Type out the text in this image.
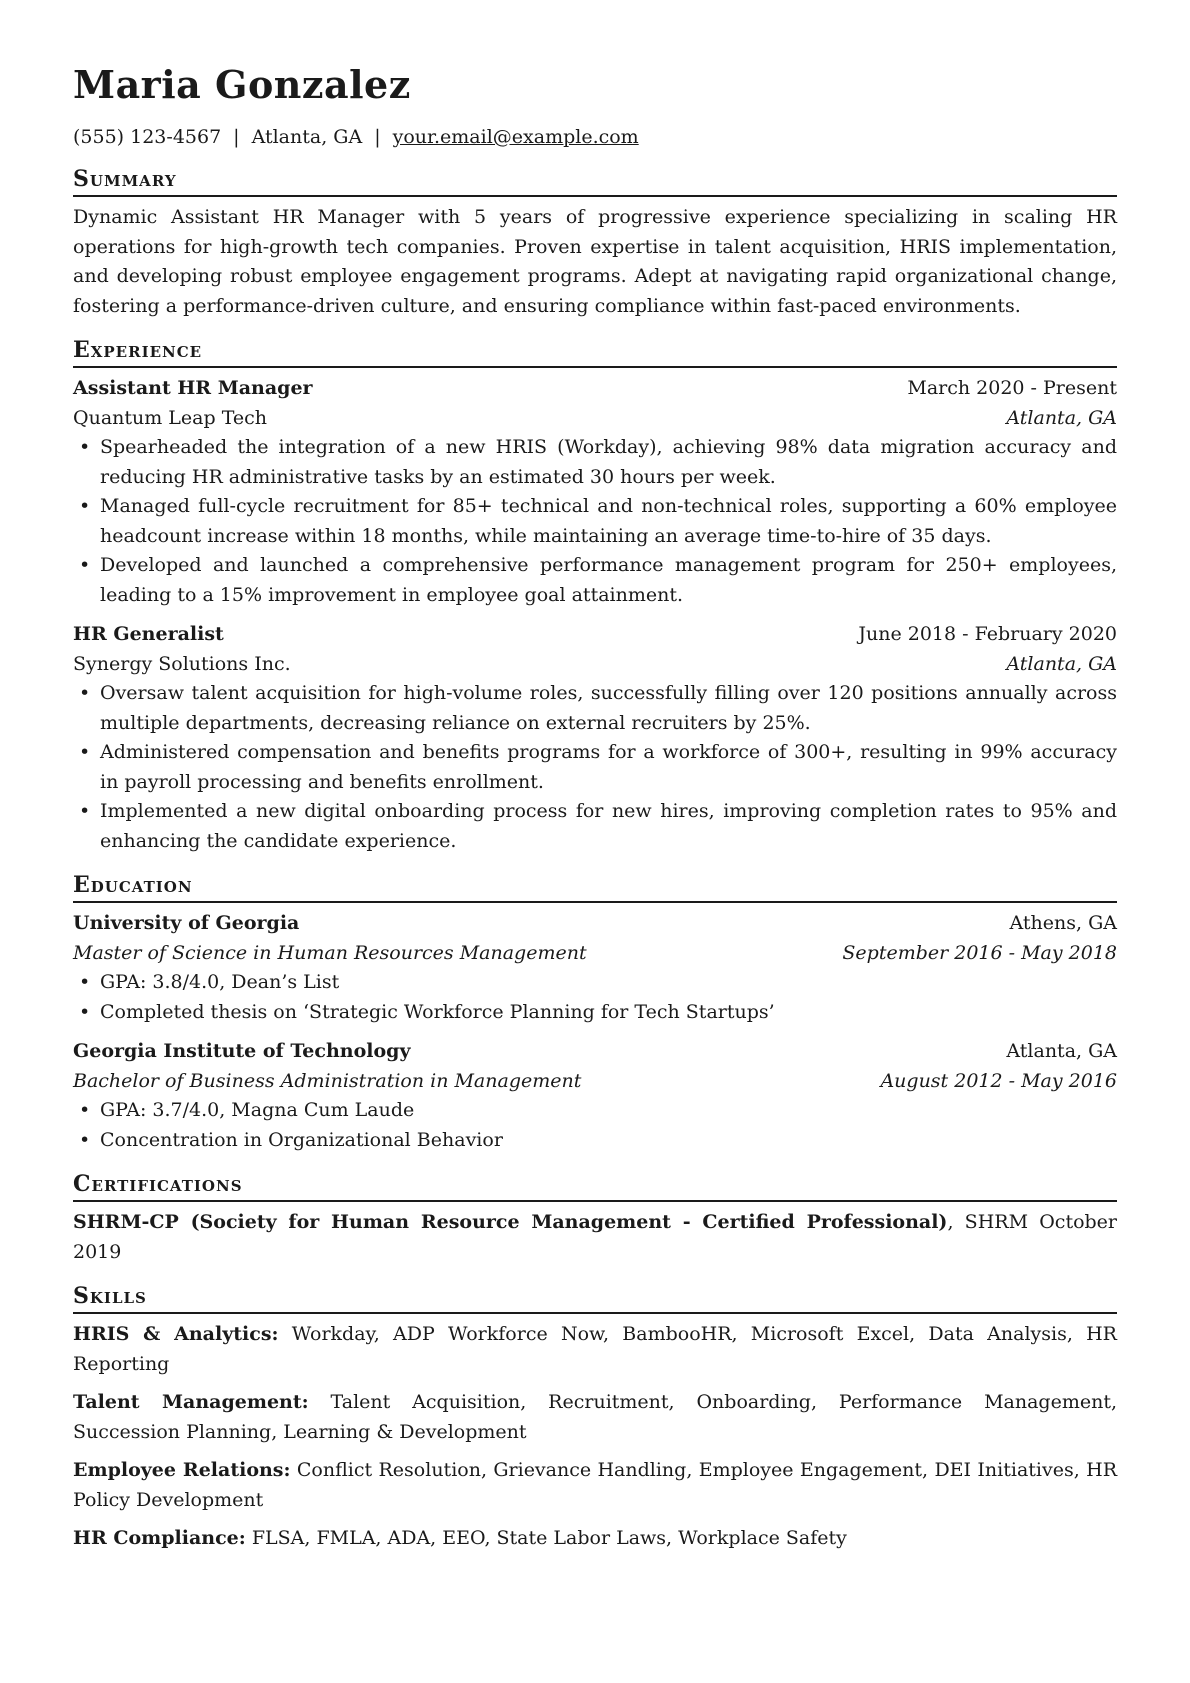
Maria Gonzalez
(555) 123-4567 | Atlanta, GA | your.email@example.com
Summary

Dynamic Assistant HR Manager with 5 years of progressive experience specializing in scaling HR operations for high-growth tech companies. Proven expertise in talent acquisition, HRIS implementation, and developing robust employee engagement programs. Adept at navigating rapid organizational change, fostering a performance-driven culture, and ensuring compliance within fast-paced environments.

Experience
Assistant HR Manager	March 2020 - Present
Quantum Leap Tech	Atlanta, GA
• Spearheaded the integration of a new HRIS (Workday), achieving 98% data migration accuracy and reducing HR administrative tasks by an estimated 30 hours per week.
• Managed full-cycle recruitment for 85+ technical and non-technical roles, supporting a 60% employee headcount increase within 18 months, while maintaining an average time-to-hire of 35 days.
• Developed and launched a comprehensive performance management program for 250+ employees, leading to a 15% improvement in employee goal attainment.
HR Generalist	June 2018 - February 2020
Synergy Solutions Inc.	Atlanta, GA
• Oversaw talent acquisition for high-volume roles, successfully filling over 120 positions annually across multiple departments, decreasing reliance on external recruiters by 25%.
• Administered compensation and benefits programs for a workforce of 300+, resulting in 99% accuracy in payroll processing and benefits enrollment.
• Implemented a new digital onboarding process for new hires, improving completion rates to 95% and enhancing the candidate experience.
Education
University of Georgia	Athens, GA
Master of Science in Human Resources Management	September 2016 - May 2018
• GPA: 3.8/4.0, Dean’s List
• Completed thesis on ‘Strategic Workforce Planning for Tech Startups’
Georgia Institute of Technology	Atlanta, GA
Bachelor of Business Administration in Management	August 2012 - May 2016
• GPA: 3.7/4.0, Magna Cum Laude
• Concentration in Organizational Behavior
Certifications
SHRM-CP (Society for Human Resource Management - Certified Professional), SHRM October 2019
Skills
HRIS & Analytics: Workday, ADP Workforce Now, BambooHR, Microsoft Excel, Data Analysis, HR Reporting
Talent Management: Talent Acquisition, Recruitment, Onboarding, Performance Management, Succession Planning, Learning & Development
Employee Relations: Conflict Resolution, Grievance Handling, Employee Engagement, DEI Initiatives, HR Policy Development
HR Compliance: FLSA, FMLA, ADA, EEO, State Labor Laws, Workplace Safety
